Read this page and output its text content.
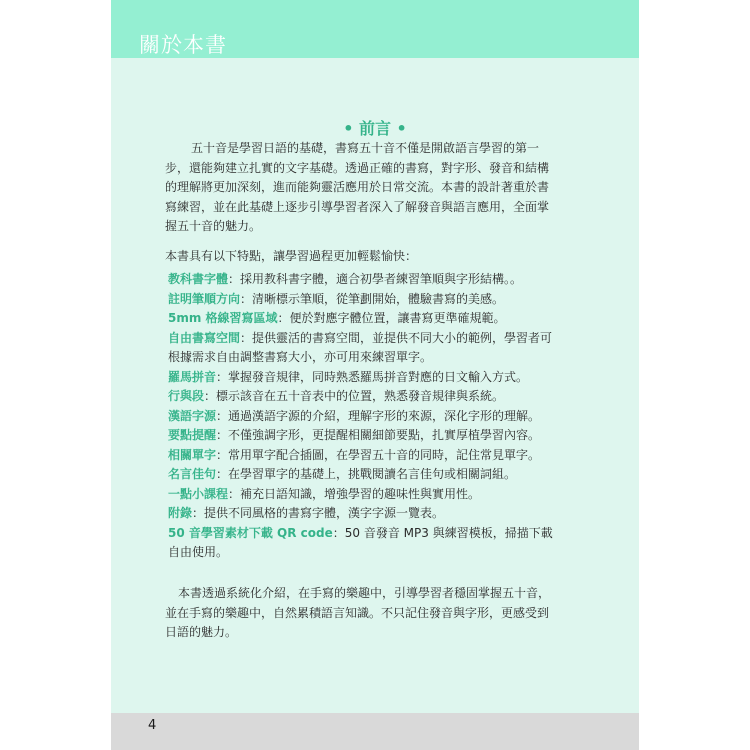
關於本書
• 前言 •
五十音是學習日語的基礎，書寫五十音不僅是開啟語言學習的第一步，還能夠建立扎實的文字基礎。透過正確的書寫，對字形、發音和結構的理解將更加深刻，進而能夠靈活應用於日常交流。本書的設計著重於書寫練習，並在此基礎上逐步引導學習者深入了解發音與語言應用，全面掌握五十音的魅力。
本書具有以下特點，讓學習過程更加輕鬆愉快：
教科書字體：採用教科書字體，適合初學者練習筆順與字形結構。。
註明筆順方向：清晰標示筆順，從筆劃開始，體驗書寫的美感。
5mm 格線習寫區域：便於對應字體位置，讓書寫更準確規範。
自由書寫空間：提供靈活的書寫空間，並提供不同大小的範例，學習者可根據需求自由調整書寫大小，亦可用來練習單字。
羅馬拼音：掌握發音規律，同時熟悉羅馬拼音對應的日文輸入方式。
行與段：標示該音在五十音表中的位置，熟悉發音規律與系統。
漢語字源：通過漢語字源的介紹，理解字形的來源，深化字形的理解。
要點提醒：不僅強調字形，更提醒相關細節要點，扎實厚植學習內容。
相關單字：常用單字配合插圖，在學習五十音的同時，記住常見單字。
名言佳句：在學習單字的基礎上，挑戰閱讀名言佳句或相關詞組。
一點小課程：補充日語知識，增強學習的趣味性與實用性。
附錄：提供不同風格的書寫字體，漢字字源一覽表。
50 音學習素材下載 QR code：50 音發音 MP3 與練習模板，掃描下載自由使用。
本書透過系統化介紹，在手寫的樂趣中，引導學習者穩固掌握五十音，並在手寫的樂趣中，自然累積語言知識。不只記住發音與字形，更感受到日語的魅力。
4
